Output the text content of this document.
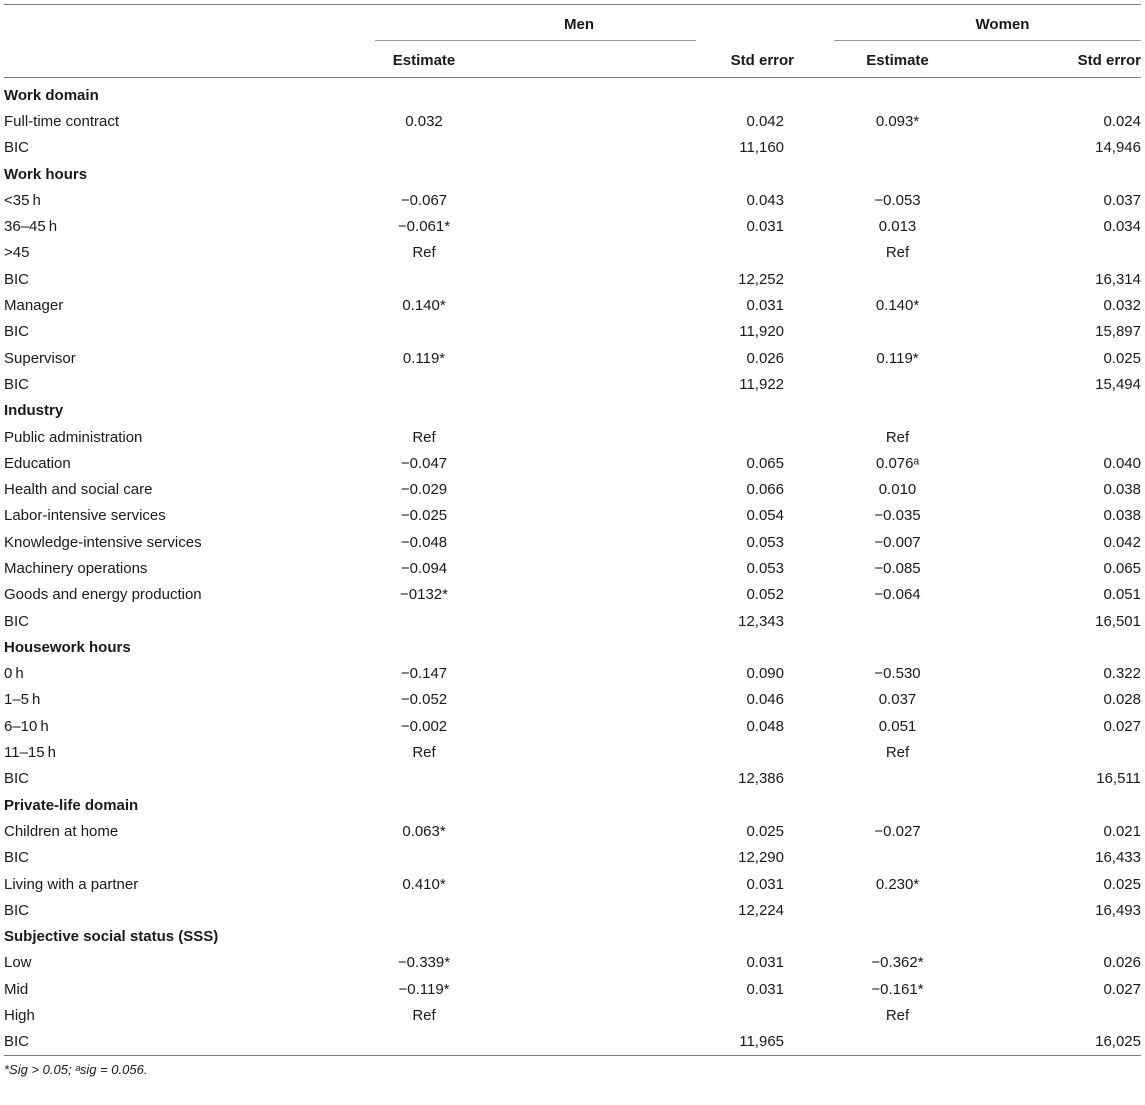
	Men		Women	
	Estimate	Std error	Estimate	Std error
Work domain				
Full-time contract	0.032	0.042	0.093*	0.024
BIC		11,160		14,946
Work hours				
<35 h	−0.067	0.043	−0.053	0.037
36–45 h	−0.061*	0.031	0.013	0.034
>45	Ref		Ref	
BIC		12,252		16,314
Manager	0.140*	0.031	0.140*	0.032
BIC		11,920		15,897
Supervisor	0.119*	0.026	0.119*	0.025
BIC		11,922		15,494
Industry				
Public administration	Ref		Ref	
Education	−0.047	0.065	0.076ᵃ	0.040
Health and social care	−0.029	0.066	0.010	0.038
Labor-intensive services	−0.025	0.054	−0.035	0.038
Knowledge-intensive services	−0.048	0.053	−0.007	0.042
Machinery operations	−0.094	0.053	−0.085	0.065
Goods and energy production	−0132*	0.052	−0.064	0.051
BIC		12,343		16,501
Housework hours				
0 h	−0.147	0.090	−0.530	0.322
1–5 h	−0.052	0.046	0.037	0.028
6–10 h	−0.002	0.048	0.051	0.027
11–15 h	Ref		Ref	
BIC		12,386		16,511
Private-life domain				
Children at home	0.063*	0.025	−0.027	0.021
BIC		12,290		16,433
Living with a partner	0.410*	0.031	0.230*	0.025
BIC		12,224		16,493
Subjective social status (SSS)				
Low	−0.339*	0.031	−0.362*	0.026
Mid	−0.119*	0.031	−0.161*	0.027
High	Ref		Ref	
BIC		11,965		16,025
*Sig > 0.05; ᵃsig = 0.056.
